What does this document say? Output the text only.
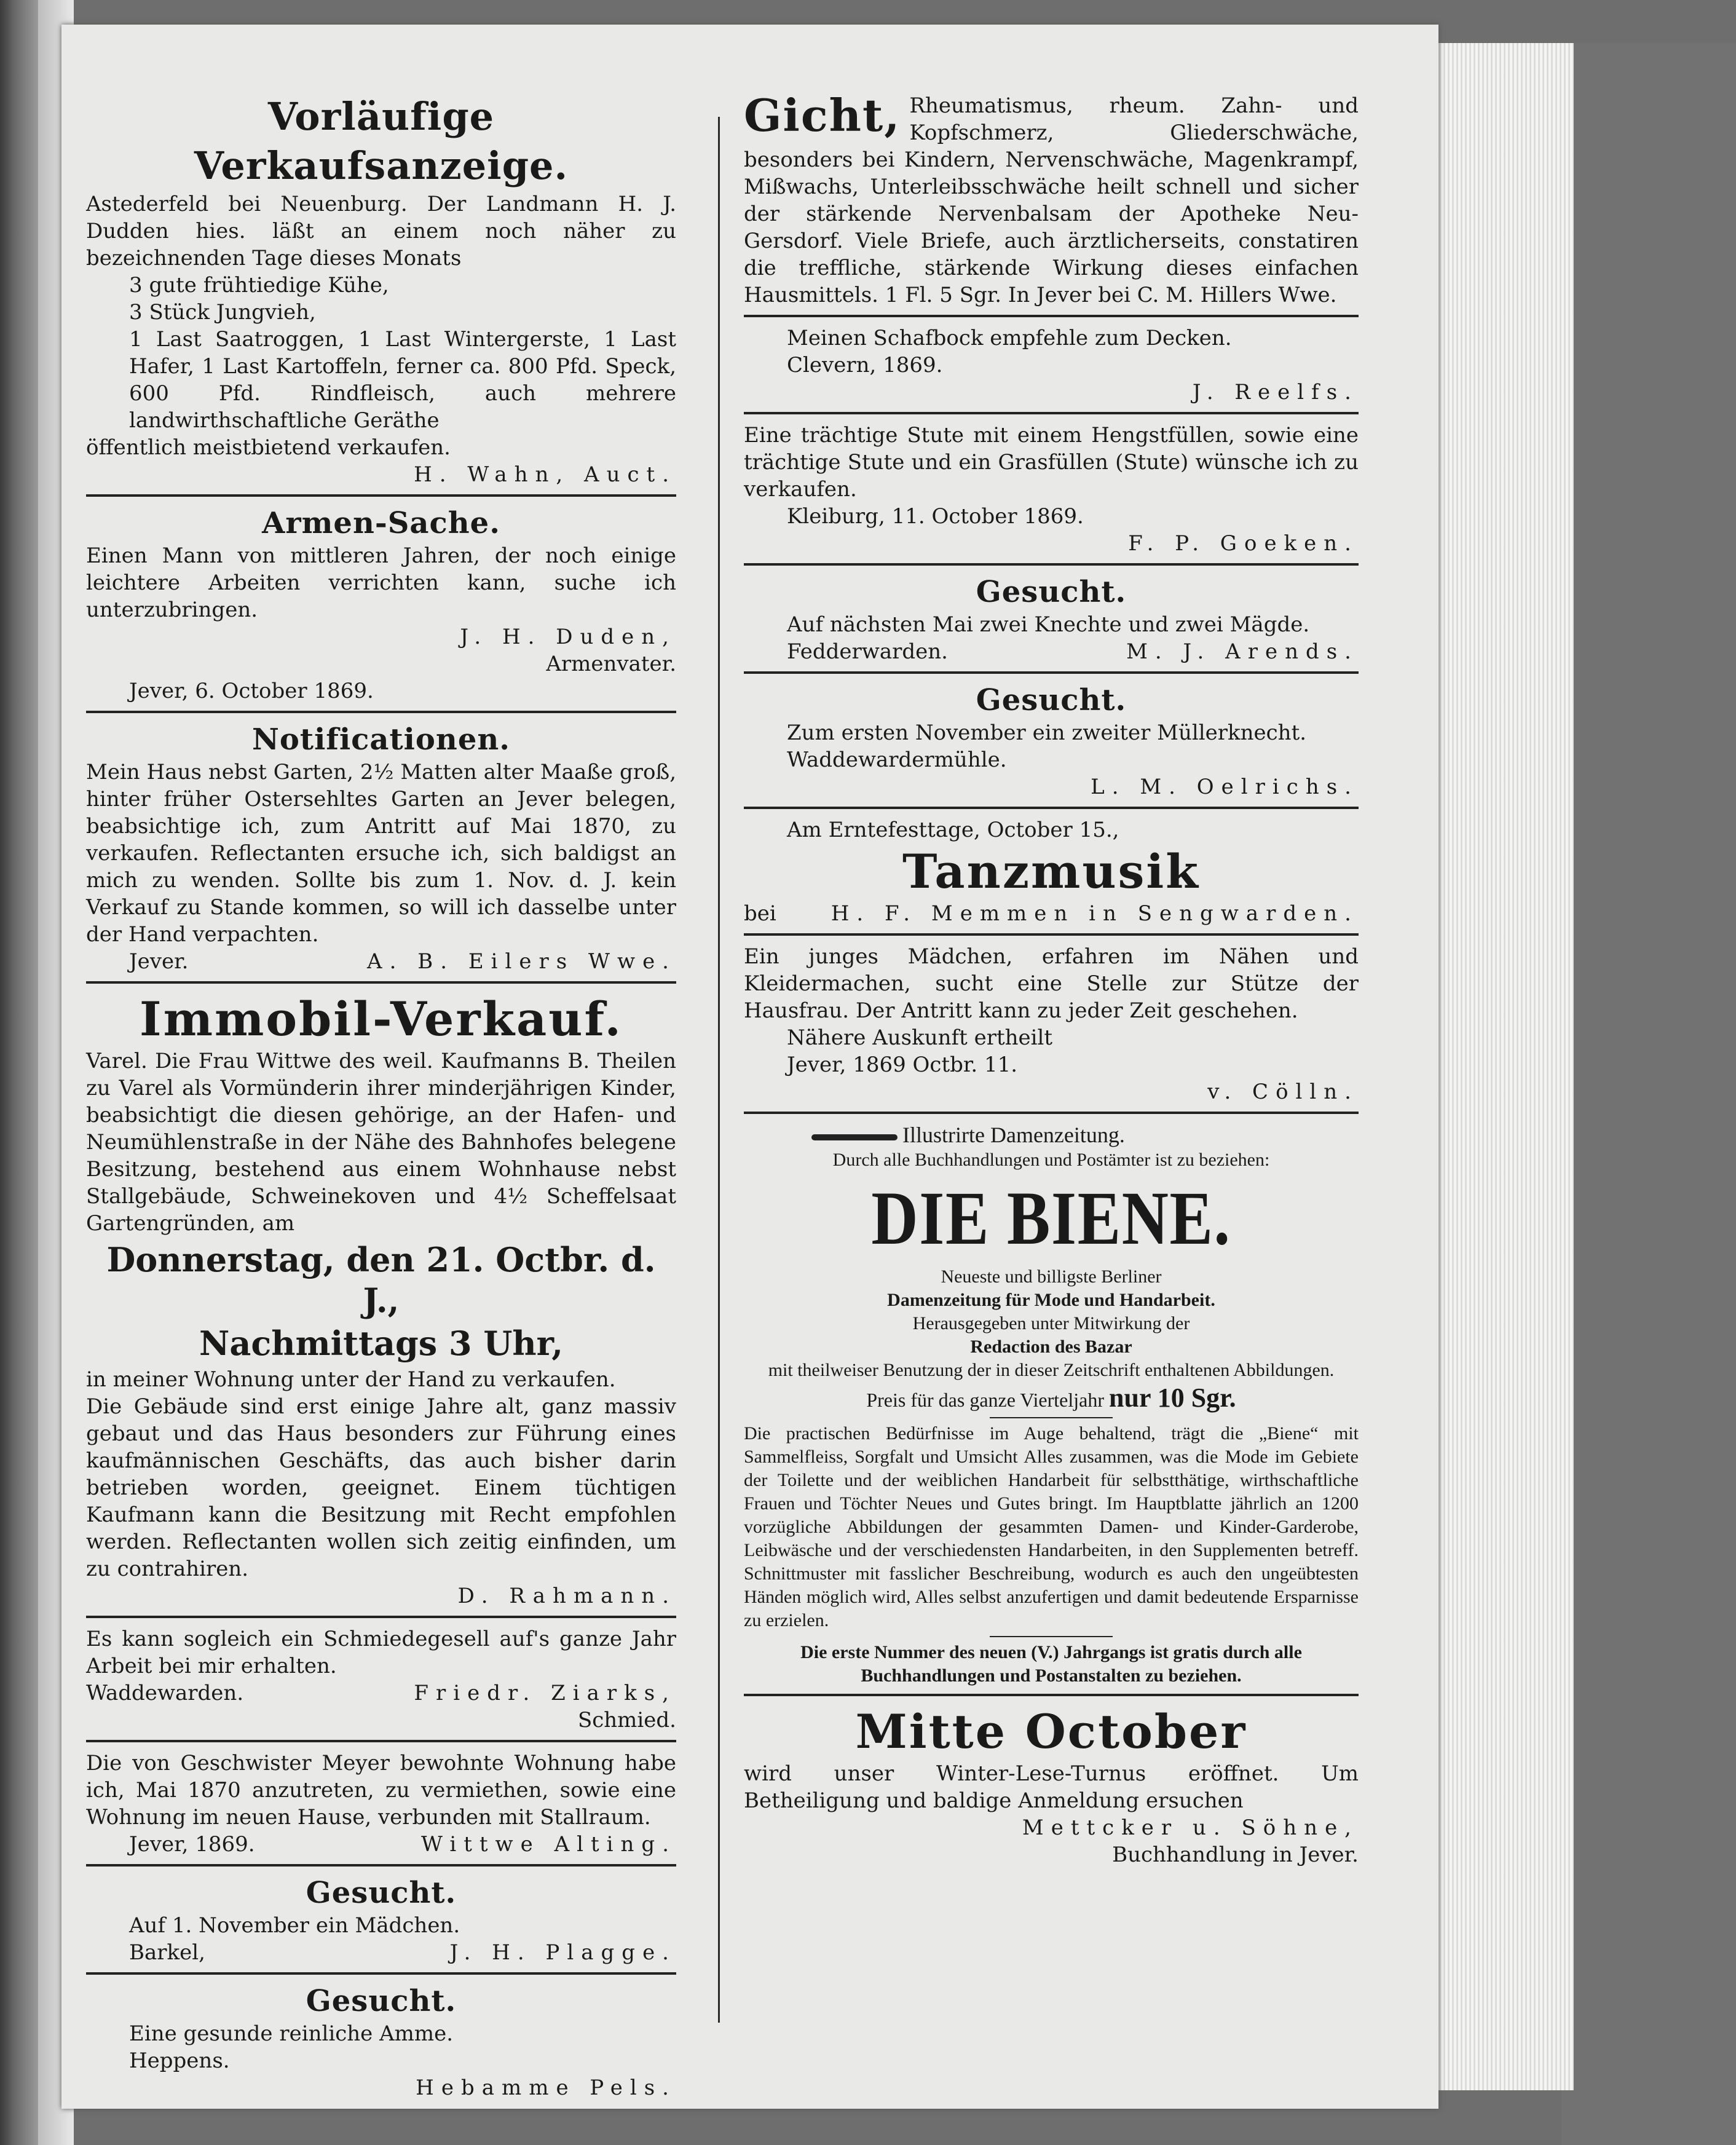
Vorläufige Verkaufsanzeige.

Astederfeld bei Neuenburg. Der Landmann H. J. Dudden hies. läßt an einem noch näher zu bezeichnenden Tage dieses Monats

3 gute frühtiedige Kühe,

3 Stück Jungvieh,

1 Last Saatroggen, 1 Last Wintergerste, 1 Last Hafer, 1 Last Kartoffeln, ferner ca. 800 Pfd. Speck, 600 Pfd. Rindfleisch, auch mehrere landwirthschaftliche Geräthe

öffentlich meistbietend verkaufen.

H. Wahn, Auct.

Armen-Sache.

Einen Mann von mittleren Jahren, der noch einige leichtere Arbeiten verrichten kann, suche ich unterzubringen.

J. H. Duden,

Armenvater.

Jever, 6. October 1869.

Notificationen.

Mein Haus nebst Garten, 2½ Matten alter Maaße groß, hinter früher Ostersehltes Garten an Jever belegen, beabsichtige ich, zum Antritt auf Mai 1870, zu verkaufen. Reflectanten ersuche ich, sich baldigst an mich zu wenden. Sollte bis zum 1. Nov. d. J. kein Verkauf zu Stande kommen, so will ich dasselbe unter der Hand verpachten.

Jever.	A. B. Eilers Wwe.

Immobil-Verkauf.

Varel. Die Frau Wittwe des weil. Kaufmanns B. Theilen zu Varel als Vormünderin ihrer minderjährigen Kinder, beabsichtigt die diesen gehörige, an der Hafen- und Neumühlenstraße in der Nähe des Bahnhofes belegene Besitzung, bestehend aus einem Wohnhause nebst Stallgebäude, Schweinekoven und 4½ Scheffelsaat Gartengründen, am

Donnerstag, den 21. Octbr. d. J.,

Nachmittags 3 Uhr,

in meiner Wohnung unter der Hand zu verkaufen.

Die Gebäude sind erst einige Jahre alt, ganz massiv gebaut und das Haus besonders zur Führung eines kaufmännischen Geschäfts, das auch bisher darin betrieben worden, geeignet. Einem tüchtigen Kaufmann kann die Besitzung mit Recht empfohlen werden. Reflectanten wollen sich zeitig einfinden, um zu contrahiren.

D. Rahmann.

Es kann sogleich ein Schmiedegesell auf's ganze Jahr Arbeit bei mir erhalten.

Waddewarden.	Friedr. Ziarks,

Schmied.

Die von Geschwister Meyer bewohnte Wohnung habe ich, Mai 1870 anzutreten, zu vermiethen, sowie eine Wohnung im neuen Hause, verbunden mit Stallraum.

Jever, 1869.	Wittwe Alting.

Gesucht.

Auf 1. November ein Mädchen.

Barkel,	J. H. Plagge.

Gesucht.

Eine gesunde reinliche Amme.

Heppens.

Hebamme Pels.

Gicht, Rheumatismus, rheum. Zahn- und Kopfschmerz, Gliederschwäche, besonders bei Kindern, Nervenschwäche, Magenkrampf, Mißwachs, Unterleibsschwäche heilt schnell und sicher der stärkende Nervenbalsam der Apotheke Neu-Gersdorf. Viele Briefe, auch ärztlicherseits, constatiren die treffliche, stärkende Wirkung dieses einfachen Hausmittels. 1 Fl. 5 Sgr. In Jever bei C. M. Hillers Wwe.

Meinen Schafbock empfehle zum Decken.

Clevern, 1869.

J. Reelfs.

Eine trächtige Stute mit einem Hengstfüllen, sowie eine trächtige Stute und ein Grasfüllen (Stute) wünsche ich zu verkaufen.

Kleiburg, 11. October 1869.

F. P. Goeken.

Gesucht.

Auf nächsten Mai zwei Knechte und zwei Mägde.

Fedderwarden.	M. J. Arends.

Gesucht.

Zum ersten November ein zweiter Müllerknecht.

Waddewardermühle.

L. M. Oelrichs.

Am Erntefesttage, October 15.,

Tanzmusik

bei	H. F. Memmen in Sengwarden.

Ein junges Mädchen, erfahren im Nähen und Kleidermachen, sucht eine Stelle zur Stütze der Hausfrau. Der Antritt kann zu jeder Zeit geschehen.

Nähere Auskunft ertheilt

Jever, 1869 Octbr. 11.

v. Cölln.

Illustrirte Damenzeitung.

Durch alle Buchhandlungen und Postämter ist zu beziehen:

DIE BIENE.

Neueste und billigste Berliner

Damenzeitung für Mode und Handarbeit.

Herausgegeben unter Mitwirkung der

Redaction des Bazar

mit theilweiser Benutzung der in dieser Zeitschrift enthaltenen Abbildungen.

Preis für das ganze Vierteljahr nur 10 Sgr.

Die practischen Bedürfnisse im Auge behaltend, trägt die „Biene“ mit Sammelfleiss, Sorgfalt und Umsicht Alles zusammen, was die Mode im Gebiete der Toilette und der weiblichen Handarbeit für selbstthätige, wirthschaftliche Frauen und Töchter Neues und Gutes bringt. Im Hauptblatte jährlich an 1200 vorzügliche Abbildungen der gesammten Damen- und Kinder-Garderobe, Leibwäsche und der verschiedensten Handarbeiten, in den Supplementen betreff. Schnittmuster mit fasslicher Beschreibung, wodurch es auch den ungeübtesten Händen möglich wird, Alles selbst anzufertigen und damit bedeutende Ersparnisse zu erzielen.

Die erste Nummer des neuen (V.) Jahrgangs ist gratis durch alle Buchhandlungen und Postanstalten zu beziehen.

Mitte October

wird unser Winter-Lese-Turnus eröffnet. Um Betheiligung und baldige Anmeldung ersuchen

Mettcker u. Söhne,

Buchhandlung in Jever.
